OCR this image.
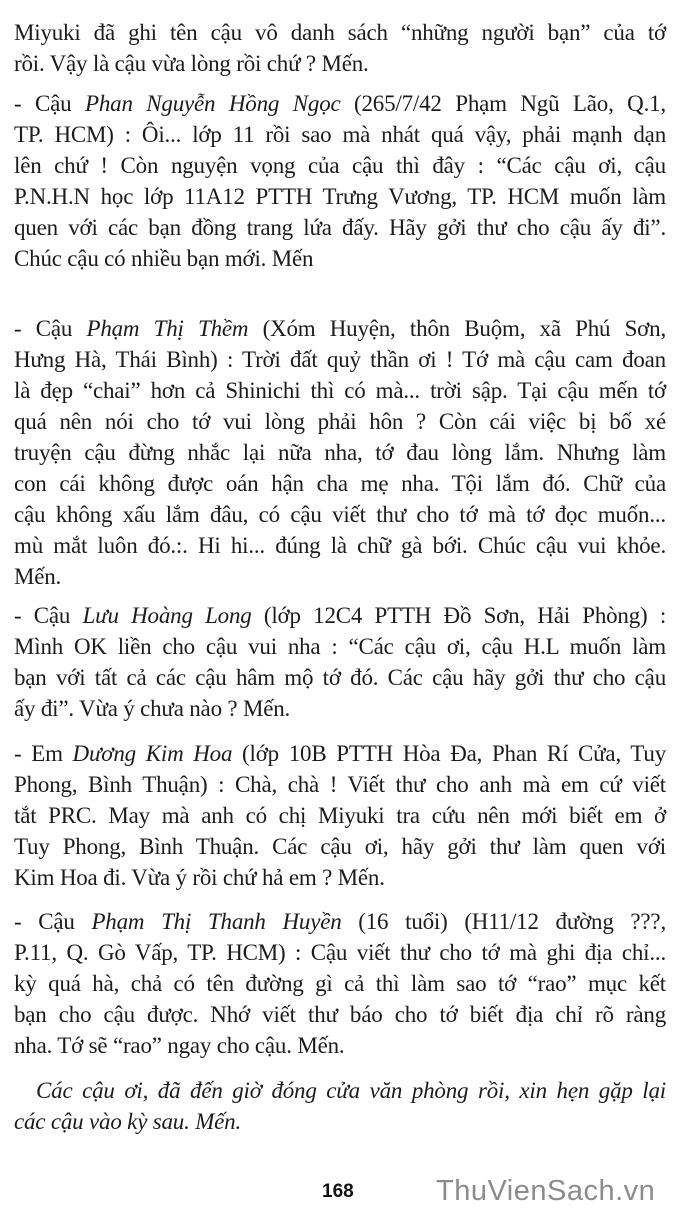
Miyuki đã ghi tên cậu vô danh sách “những người bạn” của tớ
rồi. Vậy là cậu vừa lòng rồi chứ ? Mến.
- Cậu Phan Nguyễn Hồng Ngọc (265/7/42 Phạm Ngũ Lão, Q.1,
TP. HCM) : Ôi... lớp 11 rồi sao mà nhát quá vậy, phải mạnh dạn
lên chứ ! Còn nguyện vọng của cậu thì đây : “Các cậu ơi, cậu
P.N.H.N học lớp 11A12 PTTH Trưng Vương, TP. HCM muốn làm
quen với các bạn đồng trang lứa đấy. Hãy gởi thư cho cậu ấy đi”.
Chúc cậu có nhiều bạn mới. Mến
- Cậu Phạm Thị Thềm (Xóm Huyện, thôn Buộm, xã Phú Sơn,
Hưng Hà, Thái Bình) : Trời đất quỷ thần ơi ! Tớ mà cậu cam đoan
là đẹp “chai” hơn cả Shinichi thì có mà... trời sập. Tại cậu mến tớ
quá nên nói cho tớ vui lòng phải hôn ? Còn cái việc bị bố xé
truyện cậu đừng nhắc lại nữa nha, tớ đau lòng lắm. Nhưng làm
con cái không được oán hận cha mẹ nha. Tội lắm đó. Chữ của
cậu không xấu lắm đâu, có cậu viết thư cho tớ mà tớ đọc muốn...
mù mắt luôn đó.:. Hi hi... đúng là chữ gà bới. Chúc cậu vui khỏe.
Mến.
- Cậu Lưu Hoàng Long (lớp 12C4 PTTH Đồ Sơn, Hải Phòng) :
Mình OK liền cho cậu vui nha : “Các cậu ơi, cậu H.L muốn làm
bạn với tất cả các cậu hâm mộ tớ đó. Các cậu hãy gởi thư cho cậu
ấy đi”. Vừa ý chưa nào ? Mến.
- Em Dương Kim Hoa (lớp 10B PTTH Hòa Đa, Phan Rí Cửa, Tuy
Phong, Bình Thuận) : Chà, chà ! Viết thư cho anh mà em cứ viết
tắt PRC. May mà anh có chị Miyuki tra cứu nên mới biết em ở
Tuy Phong, Bình Thuận. Các cậu ơi, hãy gởi thư làm quen với
Kim Hoa đi. Vừa ý rồi chứ hả em ? Mến.
- Cậu Phạm Thị Thanh Huyền (16 tuổi) (H11/12 đường ???,
P.11, Q. Gò Vấp, TP. HCM) : Cậu viết thư cho tớ mà ghi địa chỉ...
kỳ quá hà, chả có tên đường gì cả thì làm sao tớ “rao” mục kết
bạn cho cậu được. Nhớ viết thư báo cho tớ biết địa chỉ rõ ràng
nha. Tớ sẽ “rao” ngay cho cậu. Mến.
Các cậu ơi, đã đến giờ đóng cửa văn phòng rồi, xin hẹn gặp lại
các cậu vào kỳ sau. Mến.
168	ThuVienSach.vn
